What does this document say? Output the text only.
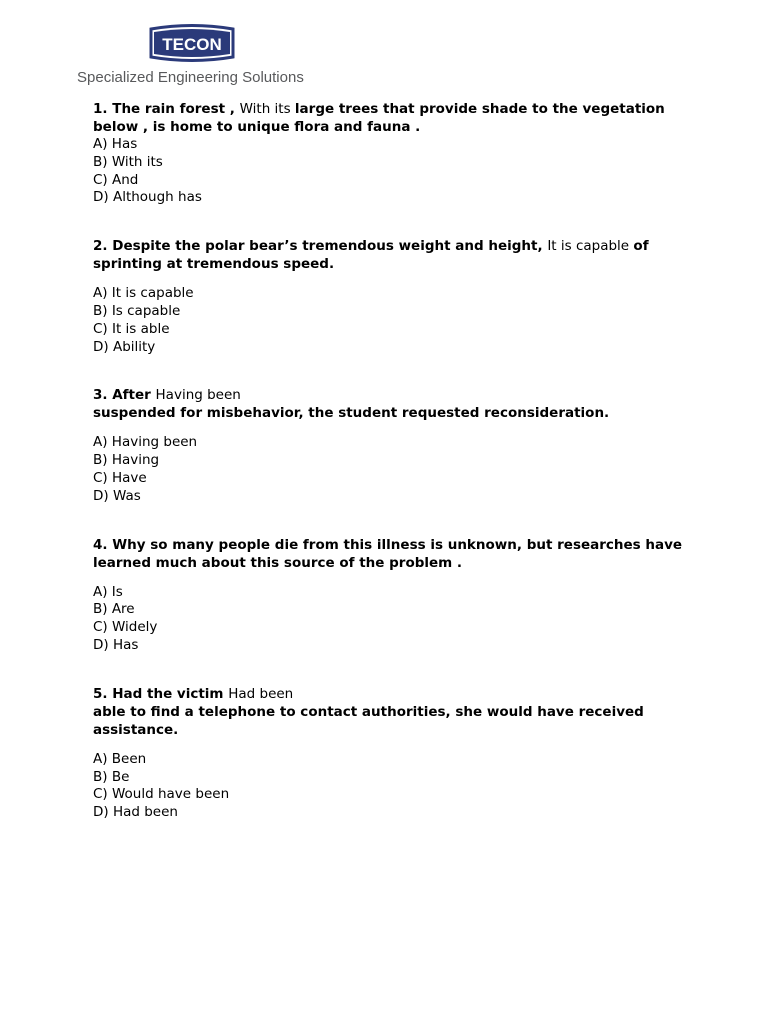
TECON

Specialized Engineering Solutions

1. The rain forest , With its large trees that provide shade to the vegetation below , is home to unique flora and fauna .

A) Has
B) With its
C) And
D) Although has

2. Despite the polar bear’s tremendous weight and height, It is capable of sprinting at tremendous speed.

A) It is capable
B) Is capable
C) It is able
D) Ability

3. After Having been
suspended for misbehavior, the student requested reconsideration.

A) Having been
B) Having
C) Have
D) Was

4. Why so many people die from this illness is unknown, but researches have learned much about this source of the problem .

A) Is
B) Are
C) Widely
D) Has

5. Had the victim Had been
able to find a telephone to contact authorities, she would have received assistance.

A) Been
B) Be
C) Would have been
D) Had been
